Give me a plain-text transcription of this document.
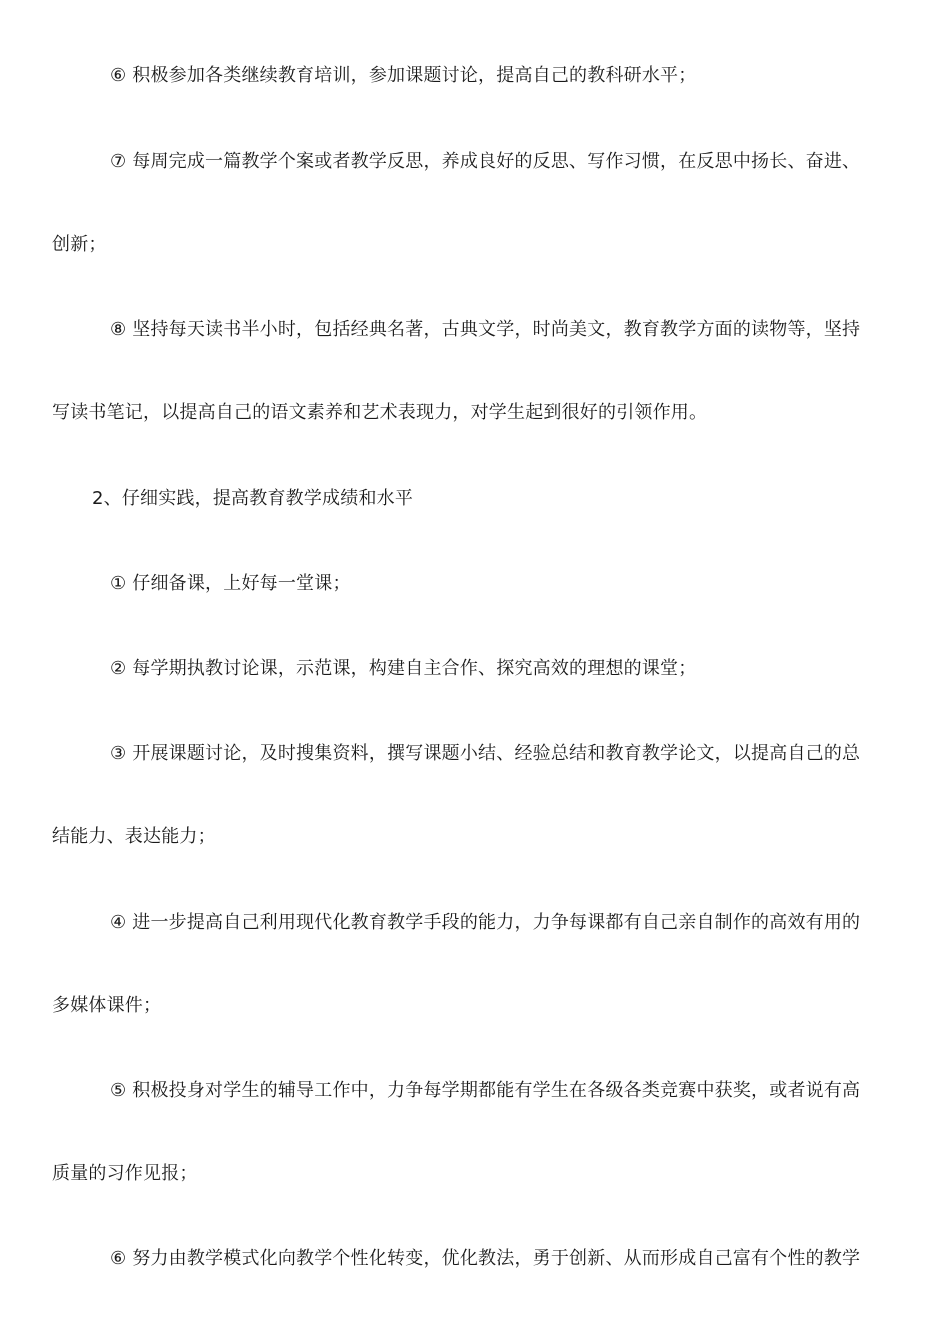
⑥ 积极参加各类继续教育培训，参加课题讨论，提高自己的教科研水平；
⑦ 每周完成一篇教学个案或者教学反思，养成良好的反思、写作习惯，在反思中扬长、奋进、
创新；
⑧ 坚持每天读书半小时，包括经典名著，古典文学，时尚美文，教育教学方面的读物等，坚持
写读书笔记，以提高自己的语文素养和艺术表现力，对学生起到很好的引领作用。
2、仔细实践，提高教育教学成绩和水平
① 仔细备课，上好每一堂课；
② 每学期执教讨论课，示范课，构建自主合作、探究高效的理想的课堂；
③ 开展课题讨论，及时搜集资料，撰写课题小结、经验总结和教育教学论文，以提高自己的总
结能力、表达能力；
④ 进一步提高自己利用现代化教育教学手段的能力，力争每课都有自己亲自制作的高效有用的
多媒体课件；
⑤ 积极投身对学生的辅导工作中，力争每学期都能有学生在各级各类竞赛中获奖，或者说有高
质量的习作见报；
⑥ 努力由教学模式化向教学个性化转变，优化教法，勇于创新、从而形成自己富有个性的教学
